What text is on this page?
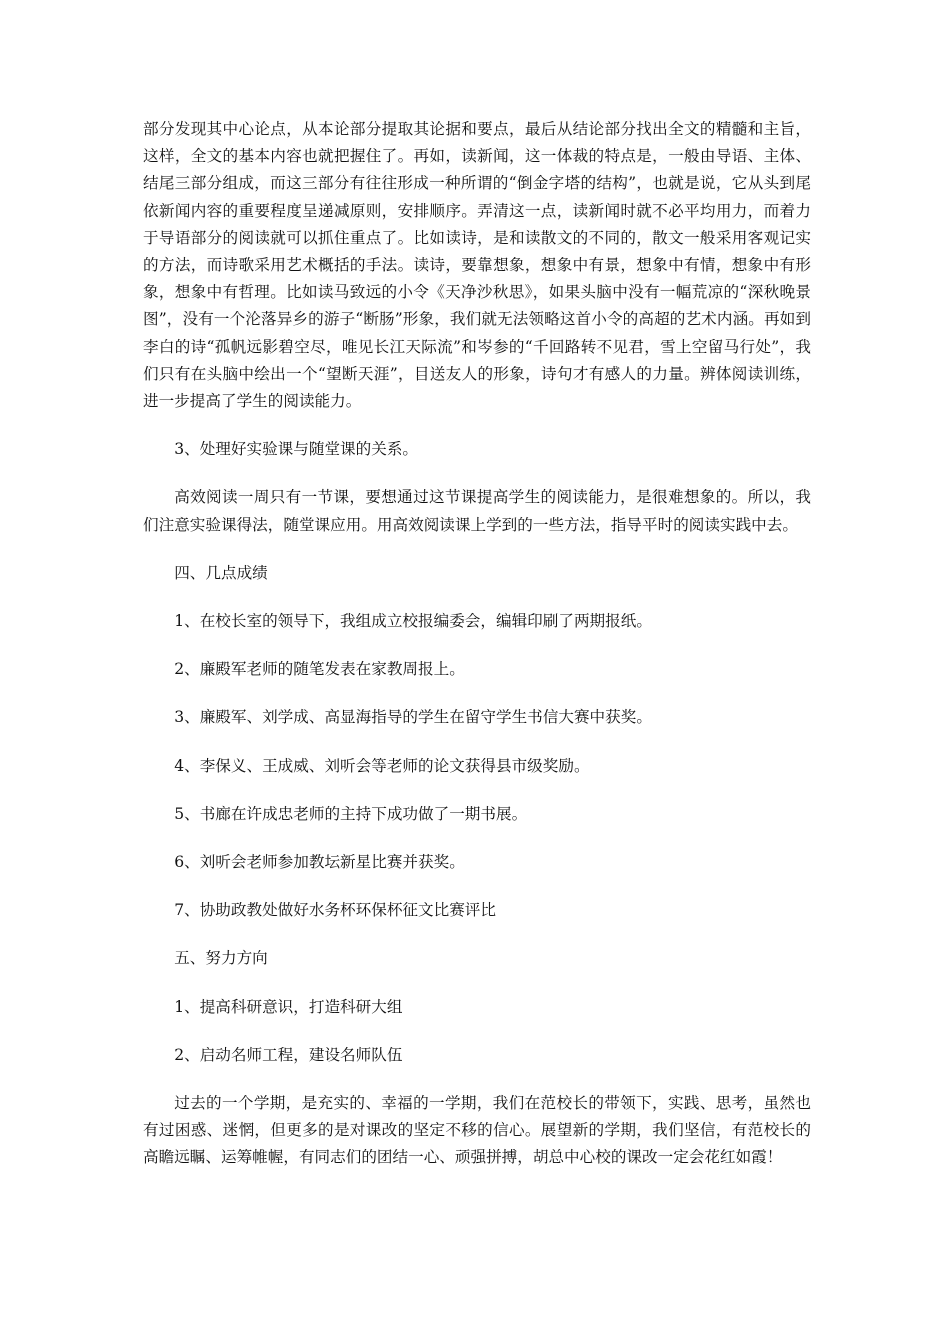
部分发现其中心论点，从本论部分提取其论据和要点，最后从结论部分找出全文的精髓和主旨，这样，全文的基本内容也就把握住了。再如，读新闻，这一体裁的特点是，一般由导语、主体、结尾三部分组成，而这三部分有往往形成一种所谓的“倒金字塔的结构”，也就是说，它从头到尾依新闻内容的重要程度呈递减原则，安排顺序。弄清这一点，读新闻时就不必平均用力，而着力于导语部分的阅读就可以抓住重点了。比如读诗，是和读散文的不同的，散文一般采用客观记实的方法，而诗歌采用艺术概括的手法。读诗，要靠想象，想象中有景，想象中有情，想象中有形象，想象中有哲理。比如读马致远的小令《天净沙秋思》，如果头脑中没有一幅荒凉的“深秋晚景图”，没有一个沦落异乡的游子“断肠”形象，我们就无法领略这首小令的高超的艺术内涵。再如到李白的诗“孤帆远影碧空尽，唯见长江天际流”和岑参的“千回路转不见君，雪上空留马行处”，我们只有在头脑中绘出一个“望断天涯”，目送友人的形象，诗句才有感人的力量。辨体阅读训练，进一步提高了学生的阅读能力。

3、处理好实验课与随堂课的关系。

高效阅读一周只有一节课，要想通过这节课提高学生的阅读能力，是很难想象的。所以，我们注意实验课得法，随堂课应用。用高效阅读课上学到的一些方法，指导平时的阅读实践中去。

四、几点成绩

1、在校长室的领导下，我组成立校报编委会，编辑印刷了两期报纸。

2、廉殿军老师的随笔发表在家教周报上。

3、廉殿军、刘学成、高显海指导的学生在留守学生书信大赛中获奖。

4、李保义、王成威、刘听会等老师的论文获得县市级奖励。

5、书廊在许成忠老师的主持下成功做了一期书展。

6、刘听会老师参加教坛新星比赛并获奖。

7、协助政教处做好水务杯环保杯征文比赛评比

五、努力方向

1、提高科研意识，打造科研大组

2、启动名师工程，建设名师队伍

过去的一个学期，是充实的、幸福的一学期，我们在范校长的带领下，实践、思考，虽然也有过困惑、迷惘，但更多的是对课改的坚定不移的信心。展望新的学期，我们坚信，有范校长的高瞻远瞩、运筹帷幄，有同志们的团结一心、顽强拼搏，胡总中心校的课改一定会花红如霞！
